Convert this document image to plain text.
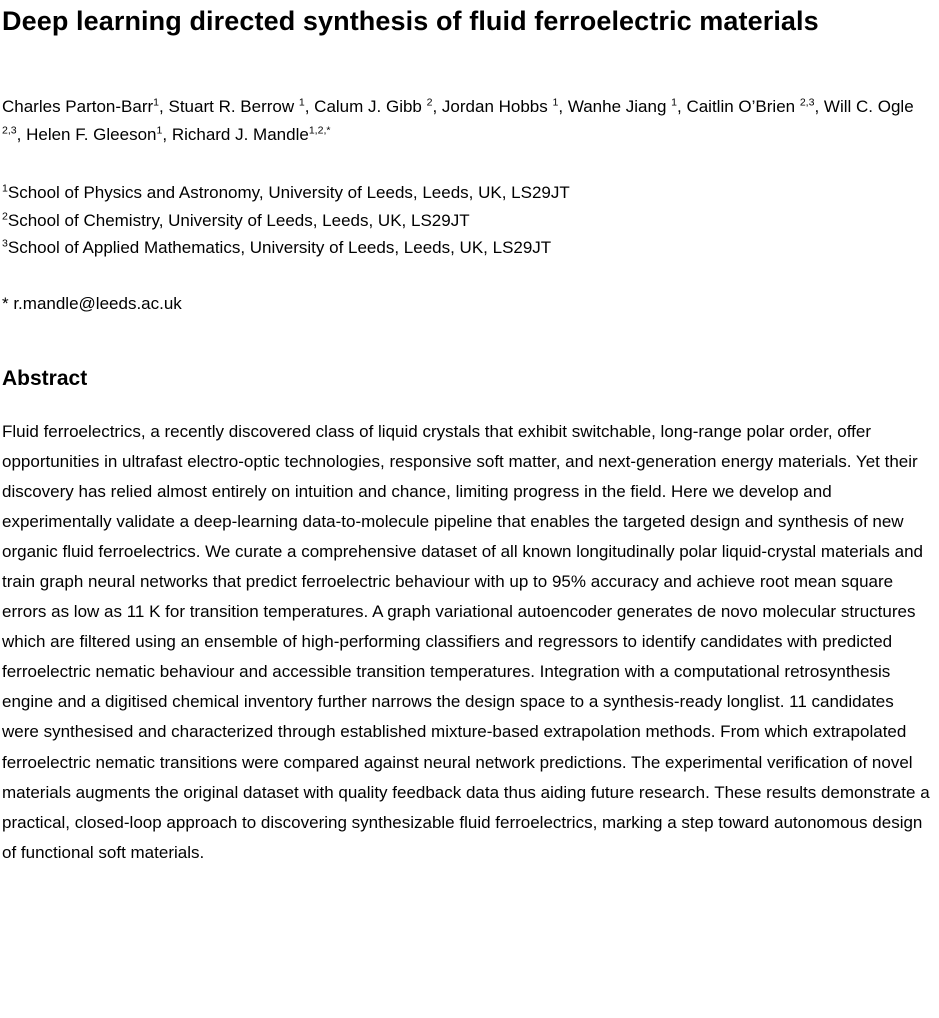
Deep learning directed synthesis of fluid ferroelectric materials

Charles Parton-Barr$^1$, Stuart R. Berrow $^1$, Calum J. Gibb $^2$, Jordan Hobbs $^1$, Wanhe Jiang $^1$, Caitlin O’Brien $^{2,3}$, Will C. Ogle $^{2,3}$, Helen F. Gleeson$^1$, Richard J. Mandle$^{1,2,*}$

$^1$School of Physics and Astronomy, University of Leeds, Leeds, UK, LS29JT

$^2$School of Chemistry, University of Leeds, Leeds, UK, LS29JT

$^3$School of Applied Mathematics, University of Leeds, Leeds, UK, LS29JT

* r.mandle@leeds.ac.uk

Abstract

Fluid ferroelectrics, a recently discovered class of liquid crystals that exhibit switchable, long-range polar order, offer opportunities in ultrafast electro-optic technologies, responsive soft matter, and next-generation energy materials. Yet their discovery has relied almost entirely on intuition and chance, limiting progress in the field. Here we develop and experimentally validate a deep-learning data-to-molecule pipeline that enables the targeted design and synthesis of new organic fluid ferroelectrics. We curate a comprehensive dataset of all known longitudinally polar liquid-crystal materials and train graph neural networks that predict ferroelectric behaviour with up to 95% accuracy and achieve root mean square errors as low as 11 K for transition temperatures. A graph variational autoencoder generates de novo molecular structures which are filtered using an ensemble of high-performing classifiers and regressors to identify candidates with predicted ferroelectric nematic behaviour and accessible transition temperatures. Integration with a computational retrosynthesis engine and a digitised chemical inventory further narrows the design space to a synthesis-ready longlist. 11 candidates were synthesised and characterized through established mixture-based extrapolation methods. From which extrapolated ferroelectric nematic transitions were compared against neural network predictions. The experimental verification of novel materials augments the original dataset with quality feedback data thus aiding future research. These results demonstrate a practical, closed-loop approach to discovering synthesizable fluid ferroelectrics, marking a step toward autonomous design of functional soft materials.
